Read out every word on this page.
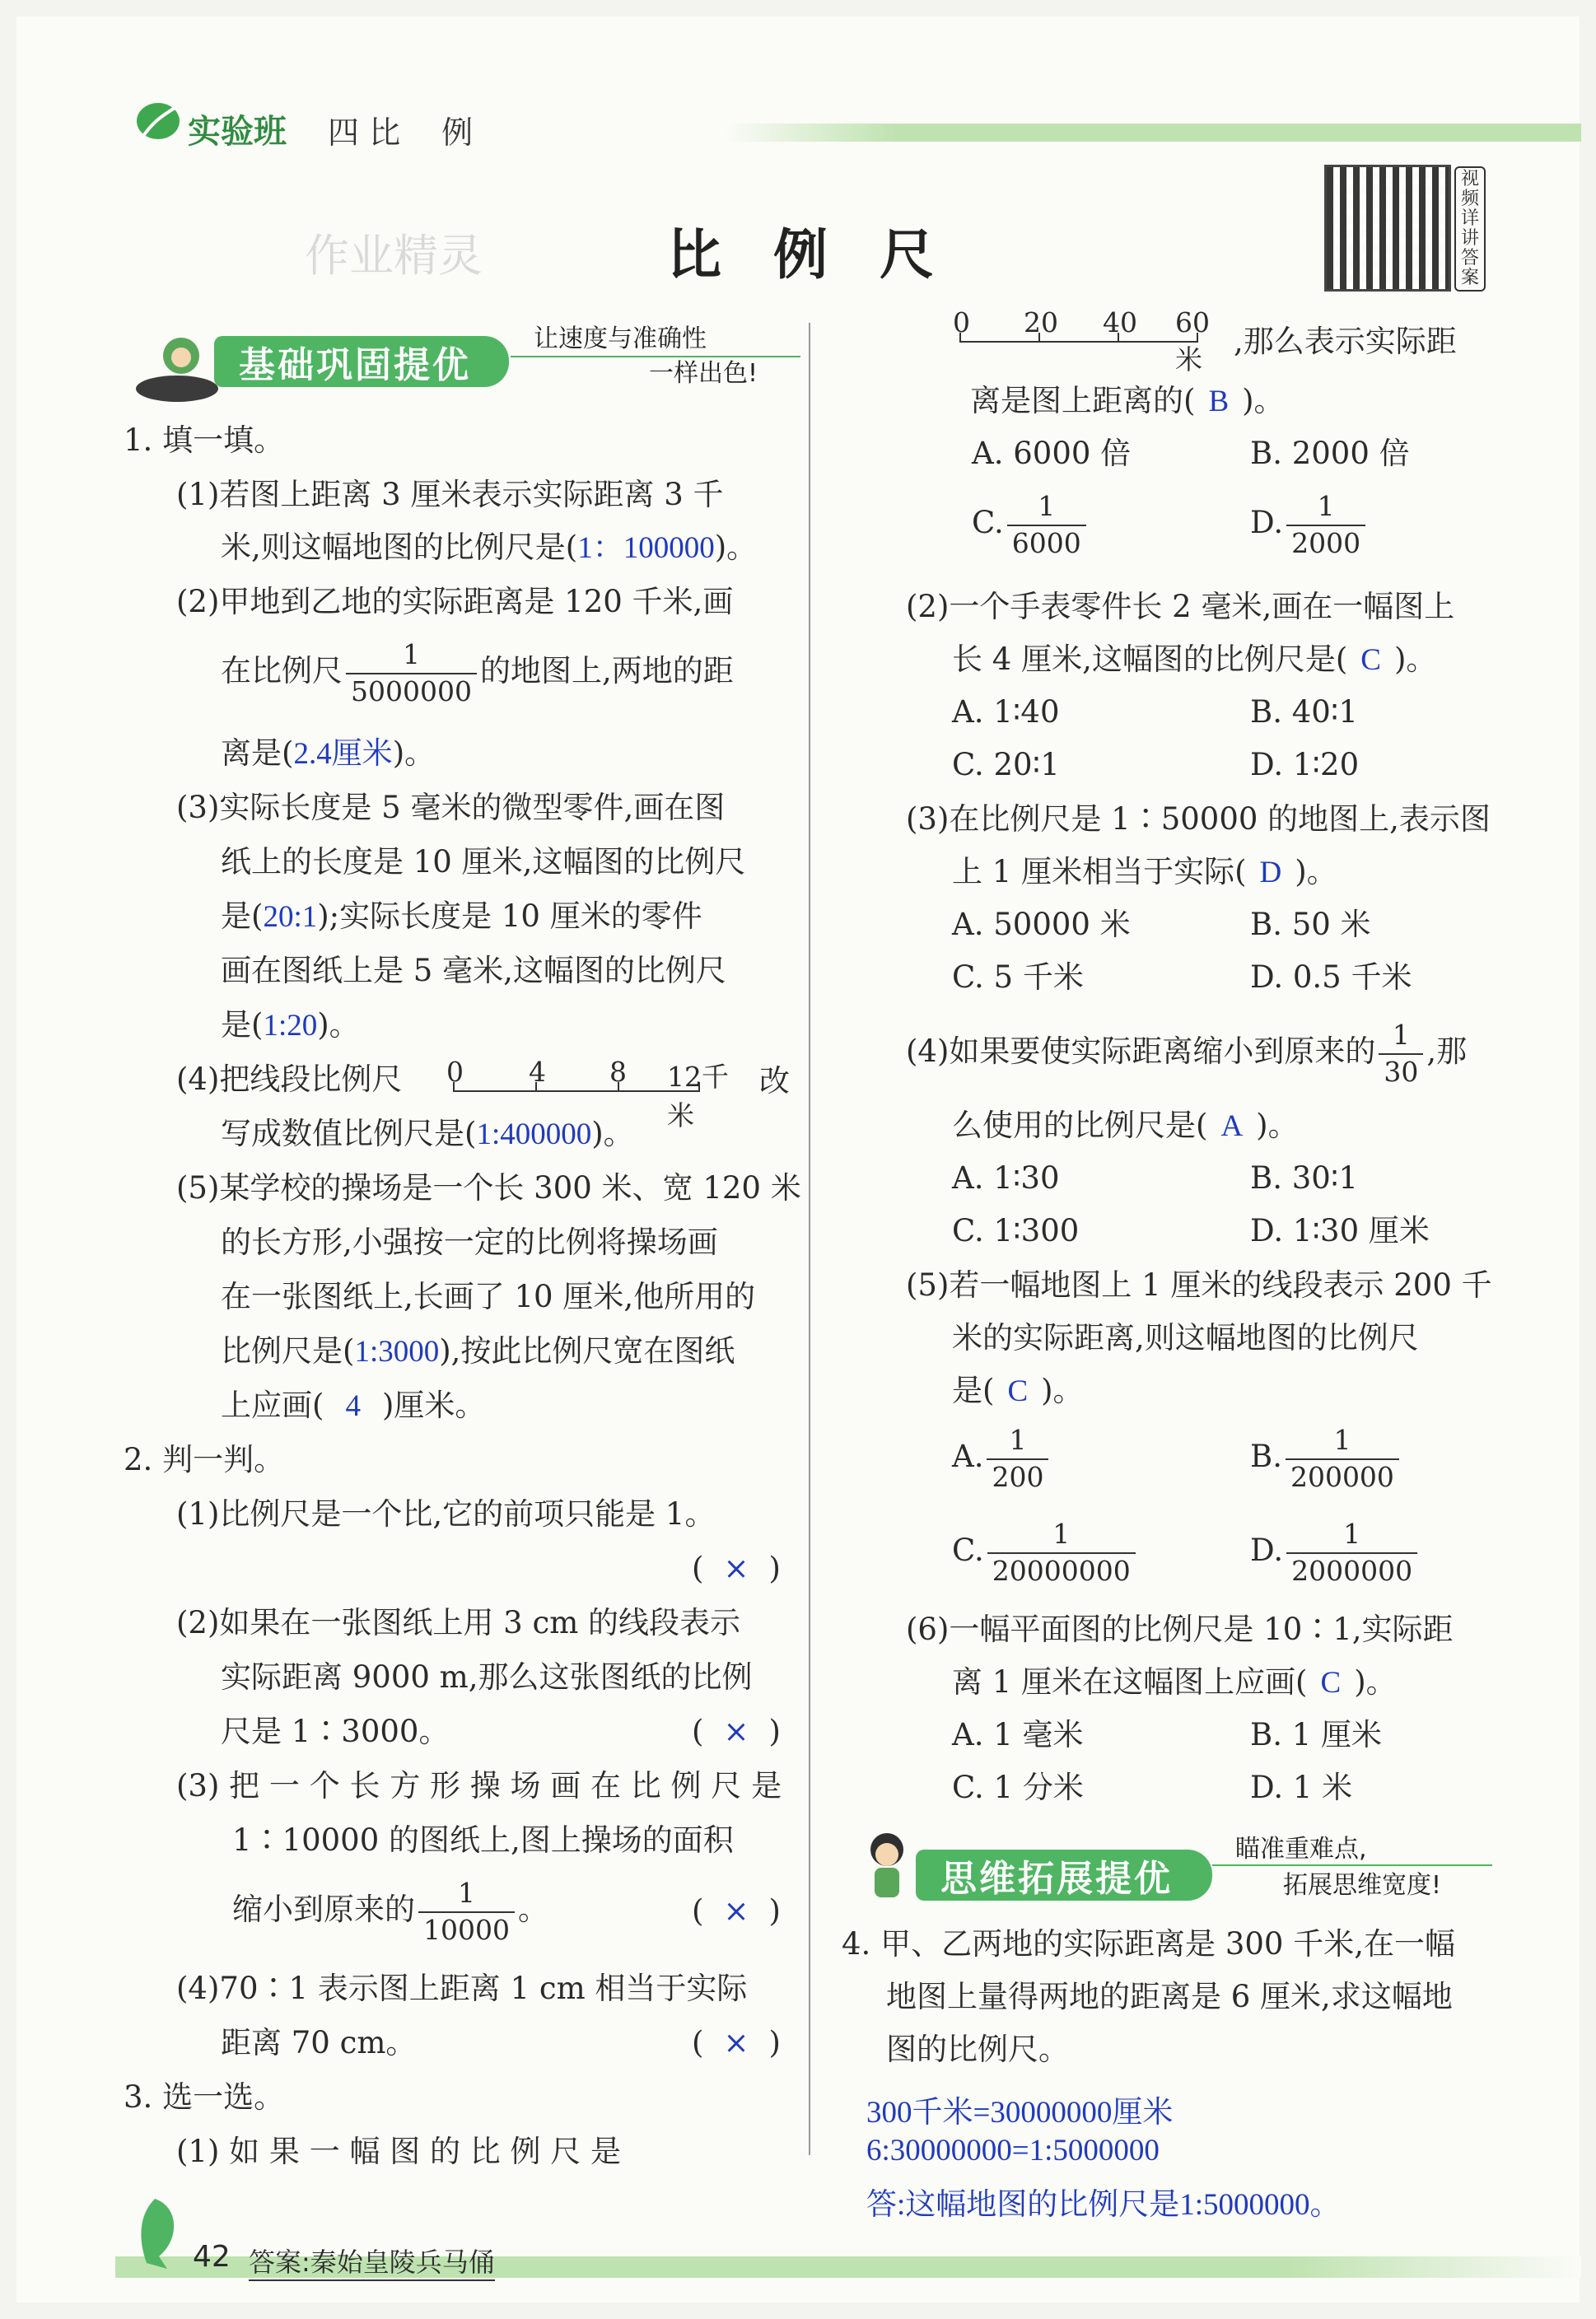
实验班 四 比　 例
作业精灵	比 例 尺
视频详讲答案
基础巩固提优
让速度与准确性
一样出色!
1. 填一填。
(1)若图上距离 3 厘米表示实际距离 3 千
米,则这幅地图的比例尺是(1：100000)。
(2)甲地到乙地的实际距离是 120 千米,画
在比例尺 $\frac{1}{5000000}$ 的地图上,两地的距
离是(2.4厘米)。
(3)实际长度是 5 毫米的微型零件,画在图
纸上的长度是 10 厘米,这幅图的比例尺
是(20:1);实际长度是 10 厘米的零件
画在图纸上是 5 毫米,这幅图的比例尺
是(1:20)。
(4)把线段比例尺 0 4 8 12千米
改
写成数值比例尺是(1:400000)。
(5)某学校的操场是一个长 300 米、宽 120 米
的长方形,小强按一定的比例将操场画
在一张图纸上,长画了 10 厘米,他所用的
比例尺是(1:3000),按此比例尺宽在图纸
上应画( 4 )厘米。
2. 判一判。
(1)比例尺是一个比,它的前项只能是 1。
( × )
(2)如果在一张图纸上用 3 cm 的线段表示
实际距离 9000 m,那么这张图纸的比例
尺是 1∶3000。	( × )
(3) 把 一 个 长 方 形 操 场 画 在 比 例 尺 是
1∶10000 的图纸上,图上操场的面积
缩小到原来的 $\frac{1}{10000}$ 。	( × )
(4)70∶1 表示图上距离 1 cm 相当于实际
距离 70 cm。	( × )
3. 选一选。
(1) 如 果 一 幅 图 的 比 例 尺 是
0 20 40 60米
,那么表示实际距
离是图上距离的( B )。
A. 6000 倍	B. 2000 倍
C. $\frac{1}{6000}$	D. $\frac{1}{2000}$
(2)一个手表零件长 2 毫米,画在一幅图上
长 4 厘米,这幅图的比例尺是( C )。
A. 1∶40	B. 40∶1
C. 20∶1	D. 1∶20
(3)在比例尺是 1∶50000 的地图上,表示图
上 1 厘米相当于实际( D )。
A. 50000 米	B. 50 米
C. 5 千米	D. 0.5 千米
(4)如果要使实际距离缩小到原来的 $\frac{1}{30}$ ,那
么使用的比例尺是( A )。
A. 1∶30	B. 30∶1
C. 1∶300	D. 1∶30 厘米
(5)若一幅地图上 1 厘米的线段表示 200 千
米的实际距离,则这幅地图的比例尺
是( C )。
A. $\frac{1}{200}$	B. $\frac{1}{200000}$
C. $\frac{1}{20000000}$	D. $\frac{1}{2000000}$
(6)一幅平面图的比例尺是 10∶1,实际距
离 1 厘米在这幅图上应画( C )。
A. 1 毫米	B. 1 厘米
C. 1 分米	D. 1 米
思维拓展提优
瞄准重难点,
拓展思维宽度!
4. 甲、乙两地的实际距离是 300 千米,在一幅
地图上量得两地的距离是 6 厘米,求这幅地
图的比例尺。
300千米=30000000厘米
6:30000000=1:5000000
答:这幅地图的比例尺是1:5000000。
42 答案:秦始皇陵兵马俑
